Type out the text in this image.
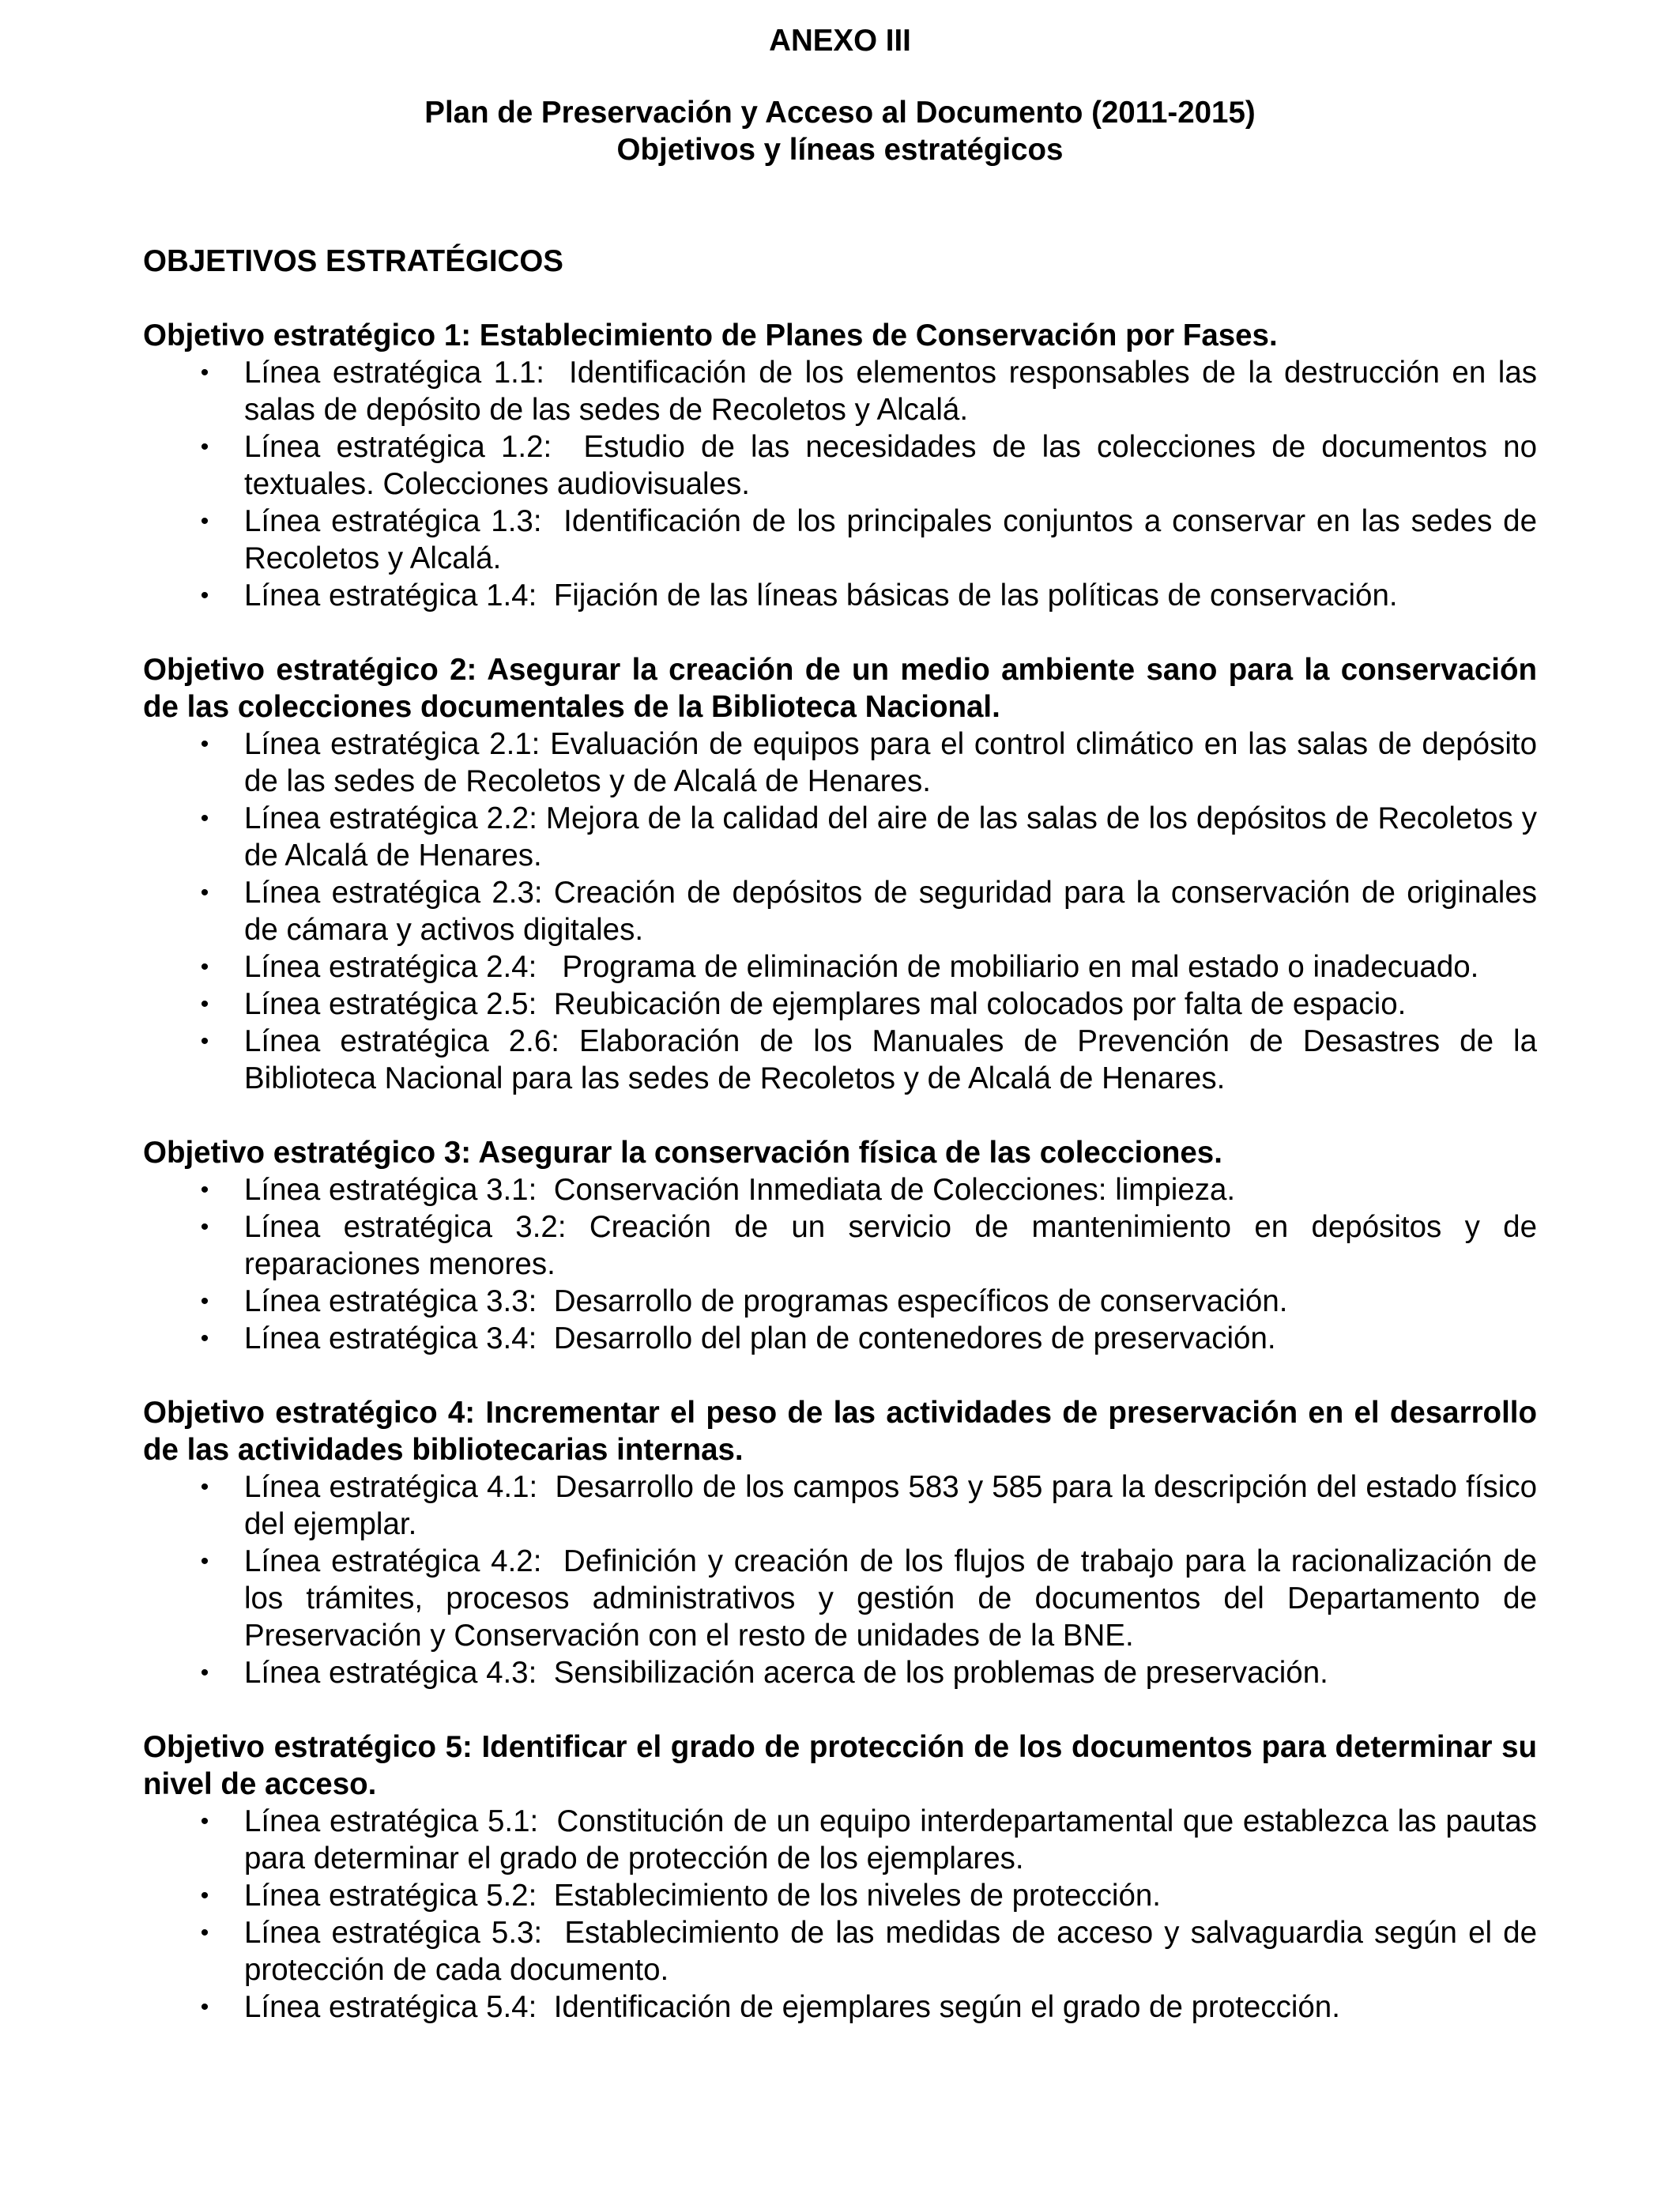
ANEXO III
Plan de Preservación y Acceso al Documento (2011-2015)
Objetivos y líneas estratégicos
OBJETIVOS ESTRATÉGICOS
Objetivo estratégico 1: Establecimiento de Planes de Conservación por Fases.
• Línea estratégica 1.1:  Identificación de los elementos responsables de la destrucción en las salas de depósito de las sedes de Recoletos y Alcalá.
• Línea estratégica 1.2:  Estudio de las necesidades de las colecciones de documentos no textuales. Colecciones audiovisuales.
• Línea estratégica 1.3:  Identificación de los principales conjuntos a conservar en las sedes de Recoletos y Alcalá.
• Línea estratégica 1.4:  Fijación de las líneas básicas de las políticas de conservación.
Objetivo estratégico 2: Asegurar la creación de un medio ambiente sano para la conservación de las colecciones documentales de la Biblioteca Nacional.
• Línea estratégica 2.1: Evaluación de equipos para el control climático en las salas de depósito de las sedes de Recoletos y de Alcalá de Henares.
• Línea estratégica 2.2: Mejora de la calidad del aire de las salas de los depósitos de Recoletos y de Alcalá de Henares.
• Línea estratégica 2.3: Creación de depósitos de seguridad para la conservación de originales de cámara y activos digitales.
• Línea estratégica 2.4:   Programa de eliminación de mobiliario en mal estado o inadecuado.
• Línea estratégica 2.5:  Reubicación de ejemplares mal colocados por falta de espacio.
• Línea estratégica 2.6: Elaboración de los Manuales de Prevención de Desastres de la Biblioteca Nacional para las sedes de Recoletos y de Alcalá de Henares.
Objetivo estratégico 3: Asegurar la conservación física de las colecciones.
• Línea estratégica 3.1:  Conservación Inmediata de Colecciones: limpieza.
• Línea estratégica 3.2: Creación de un servicio de mantenimiento en depósitos y de reparaciones menores.
• Línea estratégica 3.3:  Desarrollo de programas específicos de conservación.
• Línea estratégica 3.4:  Desarrollo del plan de contenedores de preservación.
Objetivo estratégico 4: Incrementar el peso de las actividades de preservación en el desarrollo de las actividades bibliotecarias internas.
• Línea estratégica 4.1:  Desarrollo de los campos 583 y 585 para la descripción del estado físico del ejemplar.
• Línea estratégica 4.2:  Definición y creación de los flujos de trabajo para la racionalización de los trámites, procesos administrativos y gestión de documentos del Departamento de Preservación y Conservación con el resto de unidades de la BNE.
• Línea estratégica 4.3:  Sensibilización acerca de los problemas de preservación.
Objetivo estratégico 5: Identificar el grado de protección de los documentos para determinar su nivel de acceso.
• Línea estratégica 5.1:  Constitución de un equipo interdepartamental que establezca las pautas para determinar el grado de protección de los ejemplares.
• Línea estratégica 5.2:  Establecimiento de los niveles de protección.
• Línea estratégica 5.3:  Establecimiento de las medidas de acceso y salvaguardia según el de protección de cada documento.
• Línea estratégica 5.4:  Identificación de ejemplares según el grado de protección.
